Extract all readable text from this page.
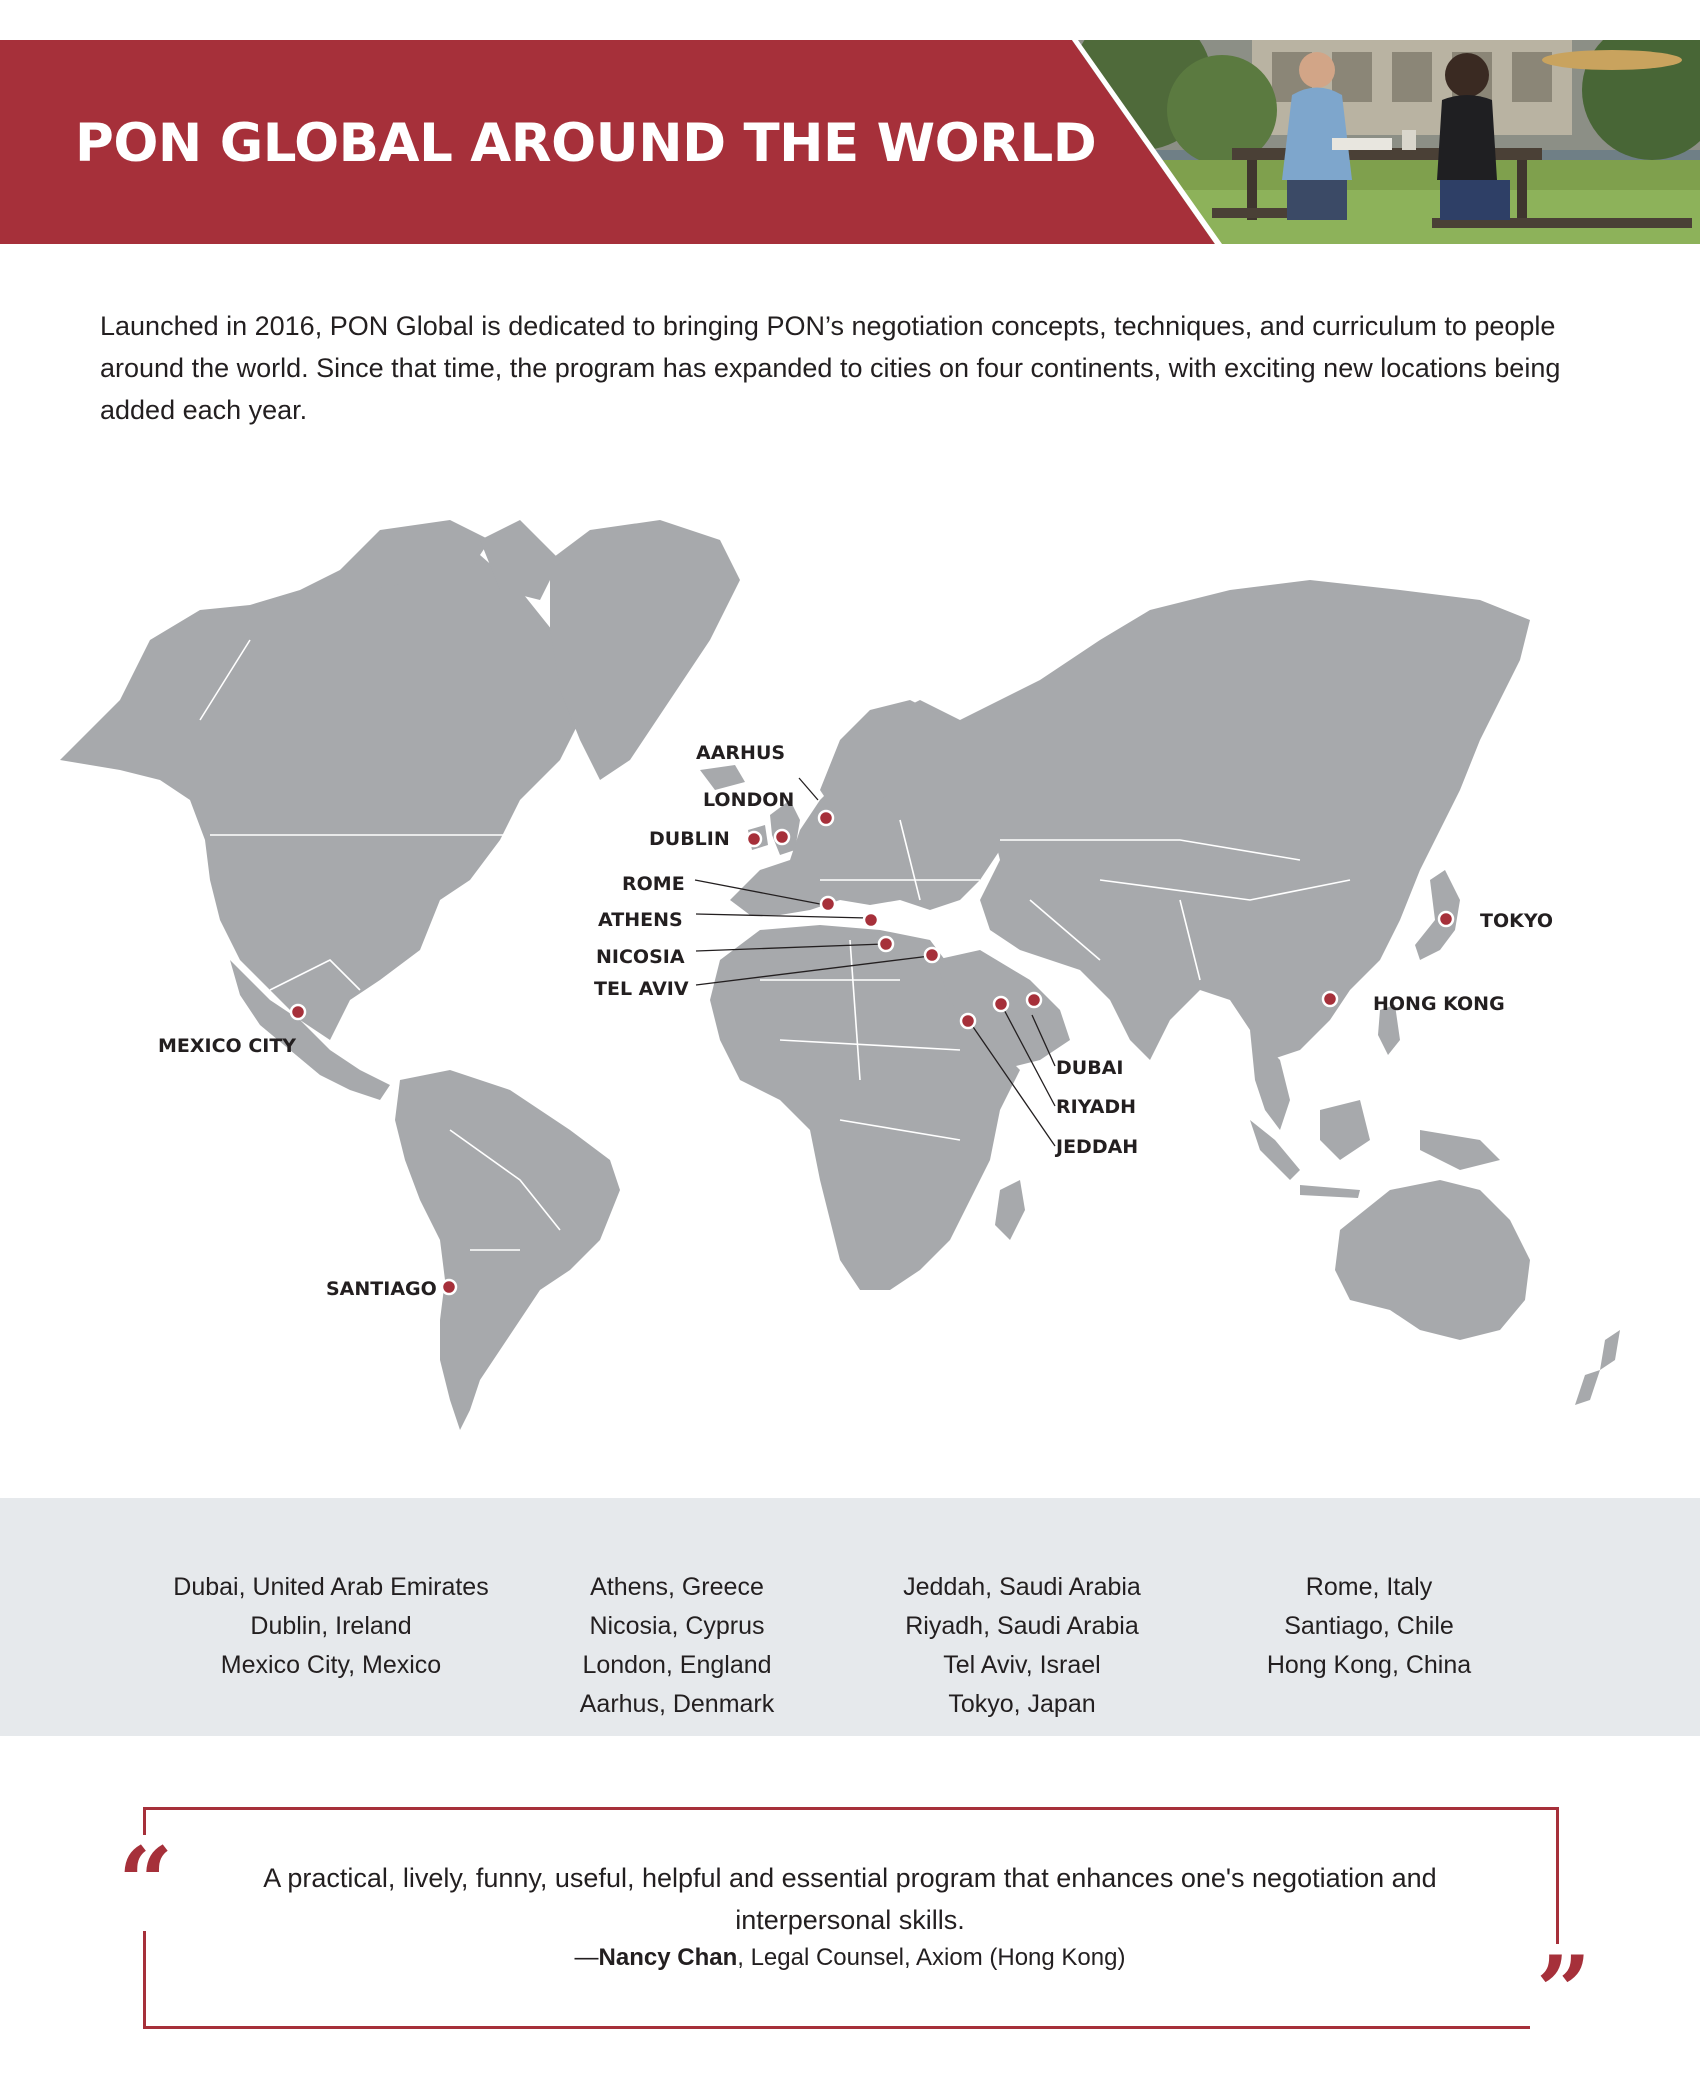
PON GLOBAL AROUND THE WORLD

Launched in 2016, PON Global is dedicated to bringing PON’s negotiation concepts, techniques, and curriculum to people around the world. Since that time, the program has expanded to cities on four continents, with exciting new locations being added each year.

AARHUS
LONDON
DUBLIN
ROME
ATHENS
NICOSIA
TEL AVIV
MEXICO CITY
SANTIAGO
DUBAI
RIYADH
JEDDAH
TOKYO
HONG KONG
Dubai, United Arab Emirates
Dublin, Ireland
Mexico City, Mexico
Athens, Greece
Nicosia, Cyprus
London, England
Aarhus, Denmark
Jeddah, Saudi Arabia
Riyadh, Saudi Arabia
Tel Aviv, Israel
Tokyo, Japan
Rome, Italy
Santiago, Chile
Hong Kong, China
“
”

A practical, lively, funny, useful, helpful and essential program that enhances one's negotiation and interpersonal skills.

—Nancy Chan, Legal Counsel, Axiom (Hong Kong)
